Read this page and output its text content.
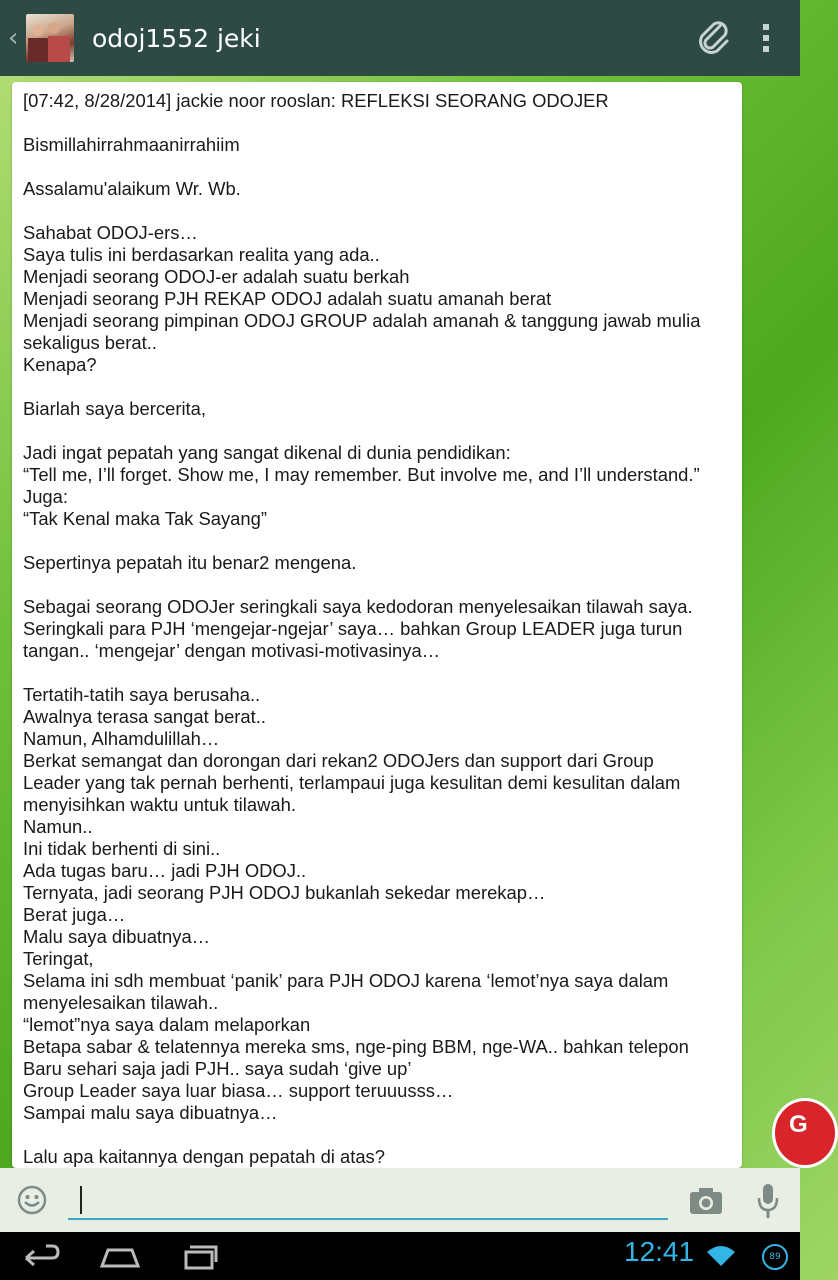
‹	odoj1552 jeki
[07:42, 8/28/2014] jackie noor rooslan: REFLEKSI SEORANG ODOJER
Bismillahirrahmaanirrahiim
Assalamu'alaikum Wr. Wb.
Sahabat ODOJ-ers…
Saya tulis ini berdasarkan realita yang ada..
Menjadi seorang ODOJ-er adalah suatu berkah
Menjadi seorang PJH REKAP ODOJ adalah suatu amanah berat
Menjadi seorang pimpinan ODOJ GROUP adalah amanah & tanggung jawab mulia
sekaligus berat..
Kenapa?
Biarlah saya bercerita,
Jadi ingat pepatah yang sangat dikenal di dunia pendidikan:
“Tell me, I’ll forget. Show me, I may remember. But involve me, and I’ll understand.”
Juga:
“Tak Kenal maka Tak Sayang”
Sepertinya pepatah itu benar2 mengena.
Sebagai seorang ODOJer seringkali saya kedodoran menyelesaikan tilawah saya.
Seringkali para PJH ‘mengejar-ngejar’ saya… bahkan Group LEADER juga turun
tangan.. ‘mengejar’ dengan motivasi-motivasinya…
Tertatih-tatih saya berusaha..
Awalnya terasa sangat berat..
Namun, Alhamdulillah…
Berkat semangat dan dorongan dari rekan2 ODOJers dan support dari Group
Leader yang tak pernah berhenti, terlampaui juga kesulitan demi kesulitan dalam
menyisihkan waktu untuk tilawah.
Namun..
Ini tidak berhenti di sini..
Ada tugas baru… jadi PJH ODOJ..
Ternyata, jadi seorang PJH ODOJ bukanlah sekedar merekap…
Berat juga…
Malu saya dibuatnya…
Teringat,
Selama ini sdh membuat ‘panik’ para PJH ODOJ karena ‘lemot’nya saya dalam
menyelesaikan tilawah..
“lemot”nya saya dalam melaporkan
Betapa sabar & telatennya mereka sms, nge-ping BBM, nge-WA.. bahkan telepon
Baru sehari saja jadi PJH.. saya sudah ‘give up’
Group Leader saya luar biasa… support teruuusss…
Sampai malu saya dibuatnya…
Lalu apa kaitannya dengan pepatah di atas?
G
12:41	89
